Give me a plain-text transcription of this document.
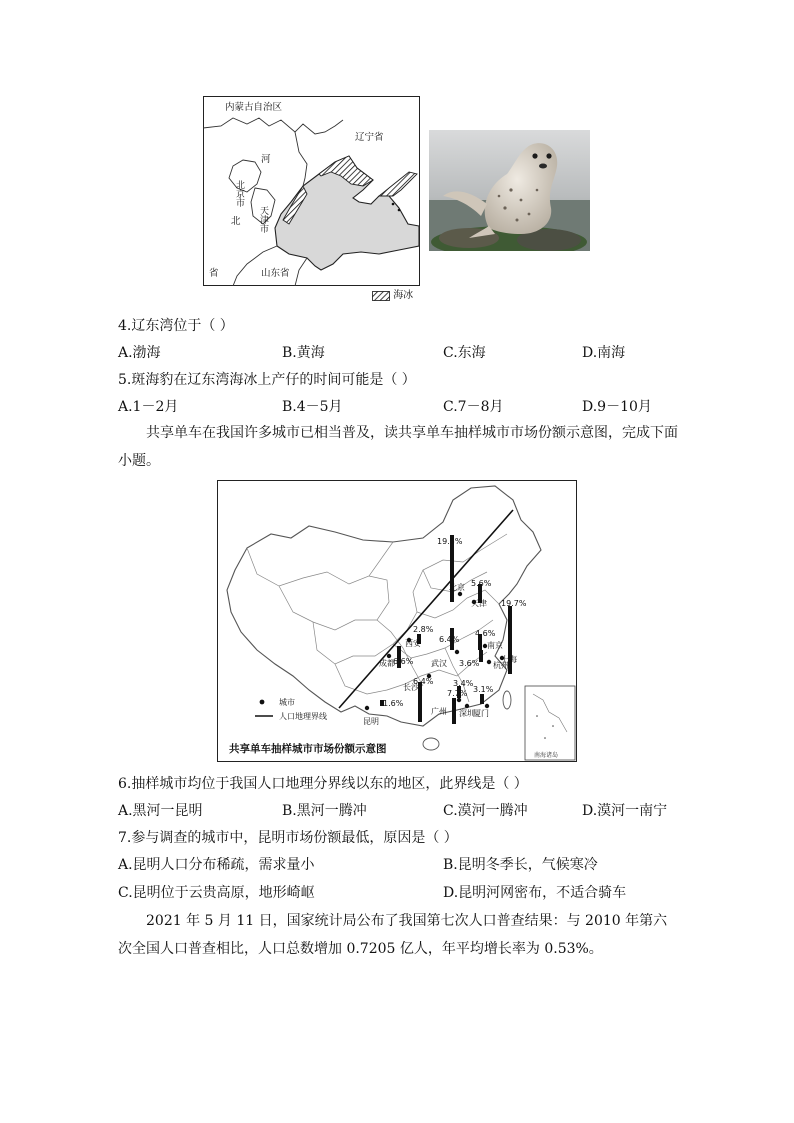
内蒙古自治区
辽宁省
河
北
省	山东省
北京市
天津市
海冰
4.辽东湾位于（ ）
A.渤海	B.黄海	C.东海	D.南海
5.斑海豹在辽东湾海冰上产仔的时间可能是（ ）
A.1－2月	B.4－5月	C.7－8月	D.9－10月
共享单车在我国许多城市已相当普及，读共享单车抽样城市市场份额示意图，完成下面小题。
南海诸岛
19.5%
5.6%
19.7%
2.8%
6.6%
6.4%
4.6%
3.6%
6.4% 3.4%
7.7% 3.1%
1.6%
北京
天津
上海
西安
成都	武汉
南京
杭州
长沙
广州 深圳
厦门
昆明
城市
人口地理界线
共享单车抽样城市市场份额示意图
6.抽样城市均位于我国人口地理分界线以东的地区，此界线是（ ）
A.黑河一昆明	B.黑河一腾冲	C.漠河一腾冲	D.漠河一南宁
7.参与调查的城市中，昆明市场份额最低，原因是（ ）
A.昆明人口分布稀疏，需求量小	B.昆明冬季长，气候寒冷
C.昆明位于云贵高原，地形崎岖	D.昆明河网密布，不适合骑车
2021 年 5 月 11 日，国家统计局公布了我国第七次人口普查结果：与 2010 年第六次全国人口普查相比，人口总数增加 0.7205 亿人，年平均增长率为 0.53%。
